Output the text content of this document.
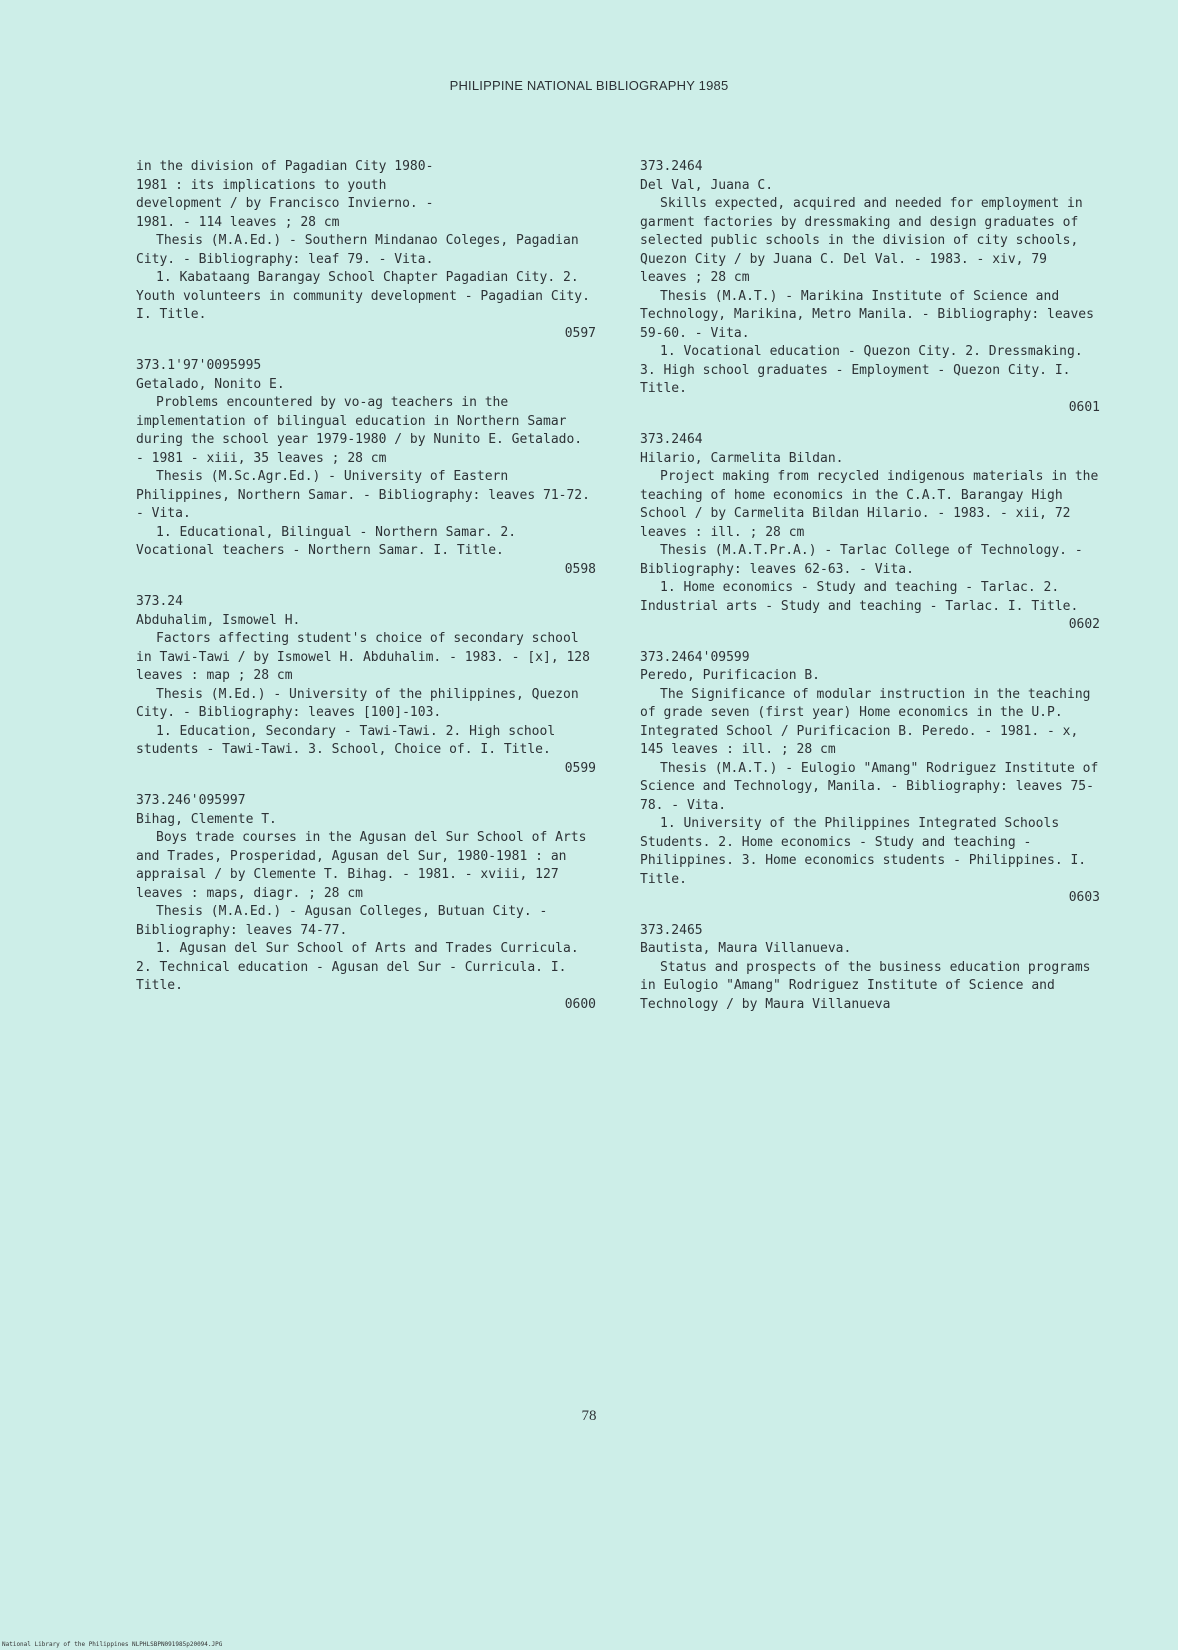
PHILIPPINE NATIONAL BIBLIOGRAPHY 1985
in the division of Pagadian City 1980-
1981 : its implications to youth
development / by Francisco Invierno. -
1981. - 114 leaves ; 28 cm
Thesis (M.A.Ed.) - Southern Mindanao Coleges, Pagadian City. - Bibliography: leaf 79. - Vita.
1. Kabataang Barangay School Chapter Pagadian City. 2. Youth volunteers in community development - Pagadian City. I. Title.
0597
373.1'97'0095995
Getalado, Nonito E.
Problems encountered by vo-ag teachers in the implementation of bilingual education in Northern Samar during the school year 1979-1980 / by Nunito E. Getalado. - 1981 - xiii, 35 leaves ; 28 cm
Thesis (M.Sc.Agr.Ed.) - University of Eastern Philippines, Northern Samar. - Bibliography: leaves 71-72. - Vita.
1. Educational, Bilingual - Northern Samar. 2. Vocational teachers - Northern Samar. I. Title.
0598
373.24
Abduhalim, Ismowel H.
Factors affecting student's choice of secondary school in Tawi-Tawi / by Ismowel H. Abduhalim. - 1983. - [x], 128 leaves : map ; 28 cm
Thesis (M.Ed.) - University of the philippines, Quezon City. - Bibliography: leaves [100]-103.
1. Education, Secondary - Tawi-Tawi. 2. High school students - Tawi-Tawi. 3. School, Choice of. I. Title.
0599
373.246'095997
Bihag, Clemente T.
Boys trade courses in the Agusan del Sur School of Arts and Trades, Prosperidad, Agusan del Sur, 1980-1981 : an appraisal / by Clemente T. Bihag. - 1981. - xviii, 127 leaves : maps, diagr. ; 28 cm
Thesis (M.A.Ed.) - Agusan Colleges, Butuan City. - Bibliography: leaves 74-77.
1. Agusan del Sur School of Arts and Trades Curricula. 2. Technical education - Agusan del Sur - Curricula. I. Title.
0600
373.2464
Del Val, Juana C.
Skills expected, acquired and needed for employment in garment factories by dressmaking and design graduates of selected public schools in the division of city schools, Quezon City / by Juana C. Del Val. - 1983. - xiv, 79 leaves ; 28 cm
Thesis (M.A.T.) - Marikina Institute of Science and Technology, Marikina, Metro Manila. - Bibliography: leaves 59-60. - Vita.
1. Vocational education - Quezon City. 2. Dressmaking. 3. High school graduates - Employment - Quezon City. I. Title.
0601
373.2464
Hilario, Carmelita Bildan.
Project making from recycled indigenous materials in the teaching of home economics in the C.A.T. Barangay High School / by Carmelita Bildan Hilario. - 1983. - xii, 72 leaves : ill. ; 28 cm
Thesis (M.A.T.Pr.A.) - Tarlac College of Technology. - Bibliography: leaves 62-63. - Vita.
1. Home economics - Study and teaching - Tarlac. 2. Industrial arts - Study and teaching - Tarlac. I. Title.
0602
373.2464'09599
Peredo, Purificacion B.
The Significance of modular instruction in the teaching of grade seven (first year) Home economics in the U.P. Integrated School / Purificacion B. Peredo. - 1981. - x, 145 leaves : ill. ; 28 cm
Thesis (M.A.T.) - Eulogio "Amang" Rodriguez Institute of Science and Technology, Manila. - Bibliography: leaves 75-78. - Vita.
1. University of the Philippines Integrated Schools Students. 2. Home economics - Study and teaching - Philippines. 3. Home economics students - Philippines. I. Title.
0603
373.2465
Bautista, Maura Villanueva.
Status and prospects of the business education programs in Eulogio "Amang" Rodriguez Institute of Science and Technology / by Maura Villanueva
78
National Library of the Philippines NLPHLSBPN091985p20094.JPG
